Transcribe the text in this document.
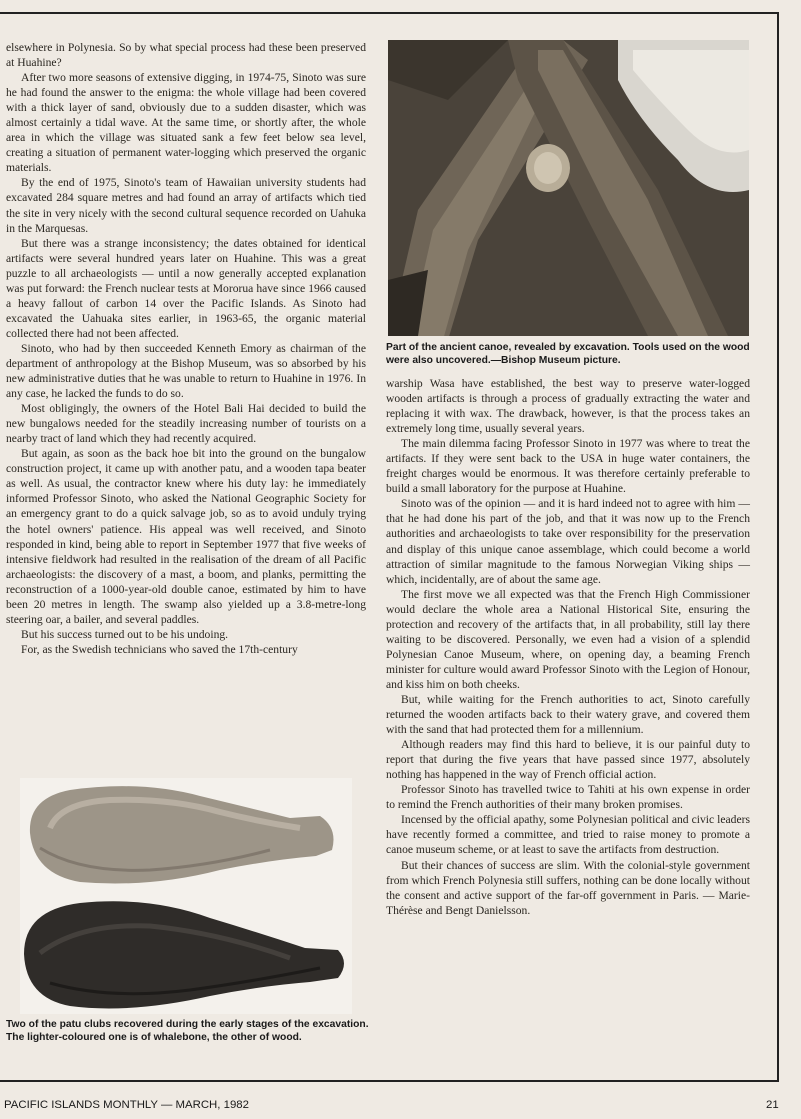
elsewhere in Polynesia. So by what special process had these been preserved at Huahine?

After two more seasons of extensive digging, in 1974-75, Sinoto was sure he had found the answer to the enigma: the whole village had been covered with a thick layer of sand, obviously due to a sudden disaster, which was almost certainly a tidal wave. At the same time, or shortly after, the whole area in which the village was situated sank a few feet below sea level, creating a situation of permanent water-logging which preserved the organic materials.

By the end of 1975, Sinoto's team of Hawaiian university students had excavated 284 square metres and had found an array of artifacts which tied the site in very nicely with the second cultural sequence recorded on Uahuka in the Marquesas.

But there was a strange inconsistency; the dates obtained for identical artifacts were several hundred years later on Huahine. This was a great puzzle to all archaeologists — until a now generally accepted explanation was put forward: the French nuclear tests at Mororua have since 1966 caused a heavy fallout of carbon 14 over the Pacific Islands. As Sinoto had excavated the Uahuaka sites earlier, in 1963-65, the organic material collected there had not been affected.

Sinoto, who had by then succeeded Kenneth Emory as chairman of the department of anthropology at the Bishop Museum, was so absorbed by his new administrative duties that he was unable to return to Huahine in 1976. In any case, he lacked the funds to do so.

Most obligingly, the owners of the Hotel Bali Hai decided to build the new bungalows needed for the steadily increasing number of tourists on a nearby tract of land which they had recently acquired.

But again, as soon as the back hoe bit into the ground on the bungalow construction project, it came up with another patu, and a wooden tapa beater as well. As usual, the contractor knew where his duty lay: he immediately informed Professor Sinoto, who asked the National Geographic Society for an emergency grant to do a quick salvage job, so as to avoid unduly trying the hotel owners' patience. His appeal was well received, and Sinoto responded in kind, being able to report in September 1977 that five weeks of intensive fieldwork had resulted in the realisation of the dream of all Pacific archaeologists: the discovery of a mast, a boom, and planks, permitting the reconstruction of a 1000-year-old double canoe, estimated by him to have been 20 metres in length. The swamp also yielded up a 3.8-metre-long steering oar, a bailer, and several paddles.

But his success turned out to be his undoing.

For, as the Swedish technicians who saved the 17th-century

Part of the ancient canoe, revealed by excavation. Tools used on the wood were also uncovered.—Bishop Museum picture.

warship Wasa have established, the best way to preserve water-logged wooden artifacts is through a process of gradually extracting the water and replacing it with wax. The drawback, however, is that the process takes an extremely long time, usually several years.

The main dilemma facing Professor Sinoto in 1977 was where to treat the artifacts. If they were sent back to the USA in huge water containers, the freight charges would be enormous. It was therefore certainly preferable to build a small laboratory for the purpose at Huahine.

Sinoto was of the opinion — and it is hard indeed not to agree with him — that he had done his part of the job, and that it was now up to the French authorities and archaeologists to take over responsibility for the preservation and display of this unique canoe assemblage, which could become a world attraction of similar magnitude to the famous Norwegian Viking ships — which, incidentally, are of about the same age.

The first move we all expected was that the French High Commissioner would declare the whole area a National Historical Site, ensuring the protection and recovery of the artifacts that, in all probability, still lay there waiting to be discovered. Personally, we even had a vision of a splendid Polynesian Canoe Museum, where, on opening day, a beaming French minister for culture would award Professor Sinoto with the Legion of Honour, and kiss him on both cheeks.

But, while waiting for the French authorities to act, Sinoto carefully returned the wooden artifacts back to their watery grave, and covered them with the sand that had protected them for a millennium.

Although readers may find this hard to believe, it is our painful duty to report that during the five years that have passed since 1977, absolutely nothing has happened in the way of French official action.

Professor Sinoto has travelled twice to Tahiti at his own expense in order to remind the French authorities of their many broken promises.

Incensed by the official apathy, some Polynesian political and civic leaders have recently formed a committee, and tried to raise money to promote a canoe museum scheme, or at least to save the artifacts from destruction.

But their chances of success are slim. With the colonial-style government from which French Polynesia still suffers, nothing can be done locally without the consent and active support of the far-off government in Paris. — Marie-Thérèse and Bengt Danielsson.

Two of the patu clubs recovered during the early stages of the excavation. The lighter-coloured one is of whalebone, the other of wood.
PACIFIC ISLANDS MONTHLY — MARCH, 1982	21
